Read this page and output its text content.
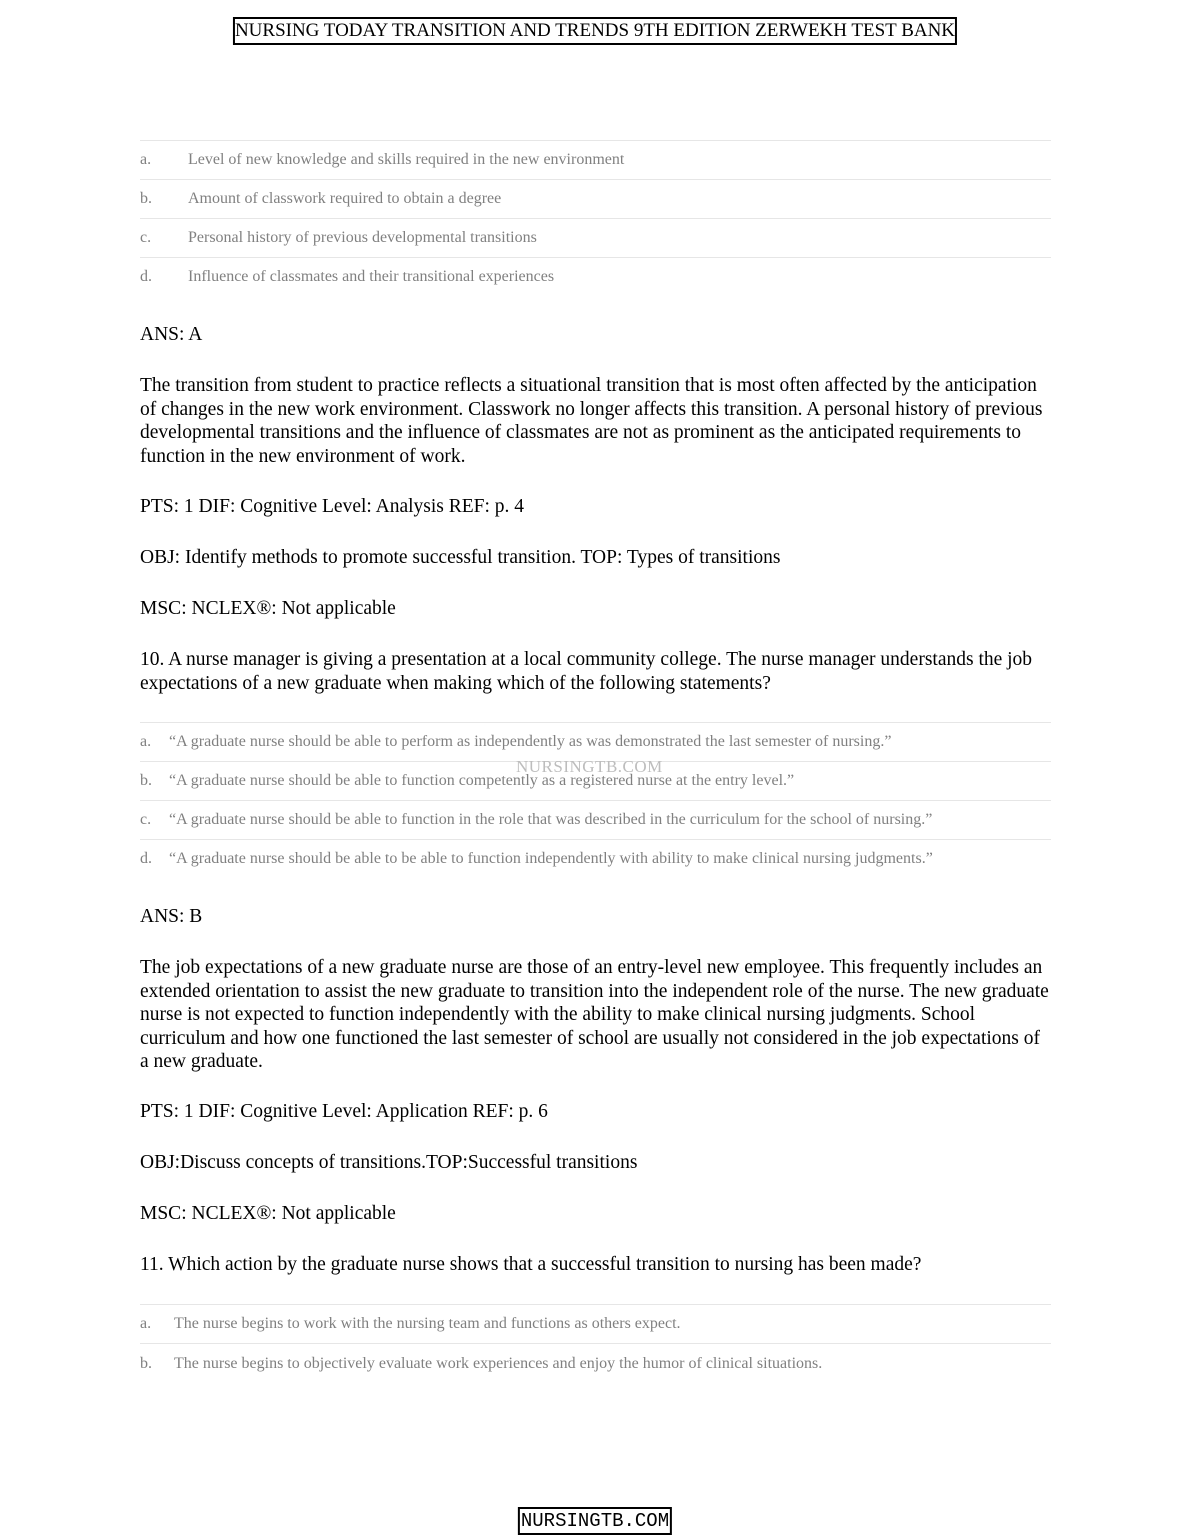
NURSING TODAY TRANSITION AND TRENDS 9TH EDITION ZERWEKH TEST BANK
a.	Level of new knowledge and skills required in the new environment
b.	Amount of classwork required to obtain a degree
c.	Personal history of previous developmental transitions
d.	Influence of classmates and their transitional experiences
ANS: A
The transition from student to practice reflects a situational transition that is most often affected by the anticipation of changes in the new work environment. Classwork no longer affects this transition. A personal history of previous developmental transitions and the influence of classmates are not as prominent as the anticipated requirements to function in the new environment of work.
PTS: 1 DIF: Cognitive Level: Analysis REF: p. 4
OBJ: Identify methods to promote successful transition. TOP: Types of transitions
MSC: NCLEX®: Not applicable
10. A nurse manager is giving a presentation at a local community college. The nurse manager understands the job expectations of a new graduate when making which of the following statements?
a.	“A graduate nurse should be able to perform as independently as was demonstrated the last semester of nursing.”
b.	“A graduate nurse should be able to function competently as a registered nurse at the entry level.”
c.	“A graduate nurse should be able to function in the role that was described in the curriculum for the school of nursing.”
d.	“A graduate nurse should be able to be able to function independently with ability to make clinical nursing judgments.”
NURSINGTB.COM
ANS: B
The job expectations of a new graduate nurse are those of an entry-level new employee. This frequently includes an extended orientation to assist the new graduate to transition into the independent role of the nurse. The new graduate nurse is not expected to function independently with the ability to make clinical nursing judgments. School curriculum and how one functioned the last semester of school are usually not considered in the job expectations of a new graduate.
PTS: 1 DIF: Cognitive Level: Application REF: p. 6
OBJ:Discuss concepts of transitions.TOP:Successful transitions
MSC: NCLEX®: Not applicable
11. Which action by the graduate nurse shows that a successful transition to nursing has been made?
a.	The nurse begins to work with the nursing team and functions as others expect.
b.	The nurse begins to objectively evaluate work experiences and enjoy the humor of clinical situations.
NURSINGTB.COM
